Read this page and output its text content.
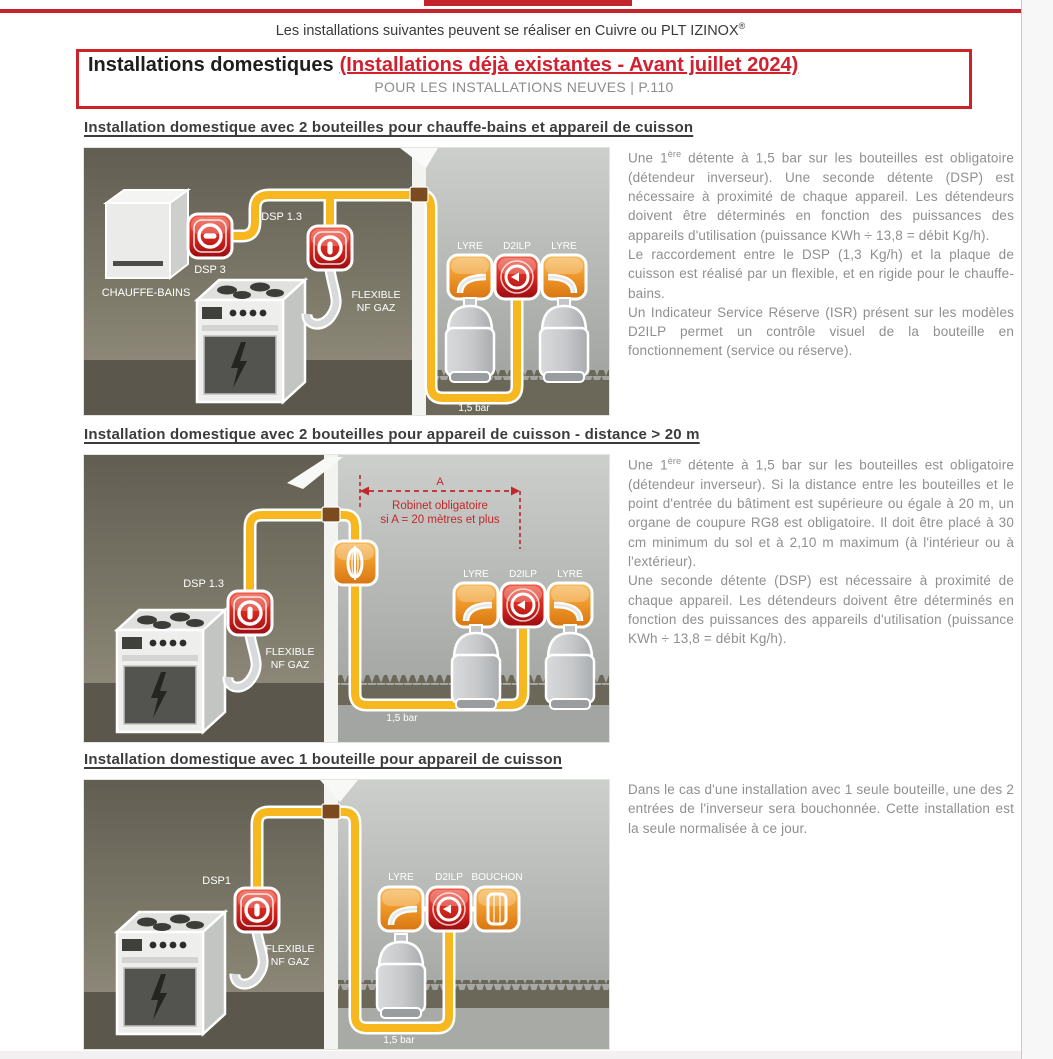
Les installations suivantes peuvent se réaliser en Cuivre ou PLT IZINOX®
Installations domestiques (Installations déjà existantes - Avant juillet 2024)
POUR LES INSTALLATIONS NEUVES | P.110
Installation domestique avec 2 bouteilles pour chauffe-bains et appareil de cuisson
CHAUFFE-BAINS
DSP 3
DSP 1.3
FLEXIBLE
NF GAZ
LYRE D2ILP LYRE
1,5 bar

Une 1ère détente à 1,5 bar sur les bouteilles est obligatoire (détendeur inverseur). Une seconde détente (DSP) est nécessaire à proximité de chaque appareil. Les détendeurs doivent être déterminés en fonction des puissances des appareils d'utilisation (puissance KWh ÷ 13,8 = débit Kg/h).

Le raccordement entre le DSP (1,3 Kg/h) et la plaque de cuisson est réalisé par un flexible, et en rigide pour le chauffe-bains.

Un Indicateur Service Réserve (ISR) présent sur les modèles D2ILP permet un contrôle visuel de la bouteille en fonctionnement (service ou réserve).

Installation domestique avec 2 bouteilles pour appareil de cuisson - distance > 20 m
A
Robinet obligatoire
si A = 20 mètres et plus
DSP 1.3
FLEXIBLE
NF GAZ
LYRE D2ILP LYRE
1,5 bar

Une 1ère détente à 1,5 bar sur les bouteilles est obligatoire (détendeur inverseur). Si la distance entre les bouteilles et le point d'entrée du bâtiment est supérieure ou égale à 20 m, un organe de coupure RG8 est obligatoire. Il doit être placé à 30 cm minimum du sol et à 2,10 m maximum (à l'intérieur ou à l'extérieur).

Une seconde détente (DSP) est nécessaire à proximité de chaque appareil. Les détendeurs doivent être déterminés en fonction des puissances des appareils d'utilisation (puissance KWh ÷ 13,8 = débit Kg/h).

Installation domestique avec 1 bouteille pour appareil de cuisson
DSP1
FLEXIBLE
NF GAZ
LYRE D2ILP BOUCHON
1,5 bar

Dans le cas d'une installation avec 1 seule bouteille, une des 2 entrées de l'inverseur sera bouchonnée. Cette installation est la seule normalisée à ce jour.
